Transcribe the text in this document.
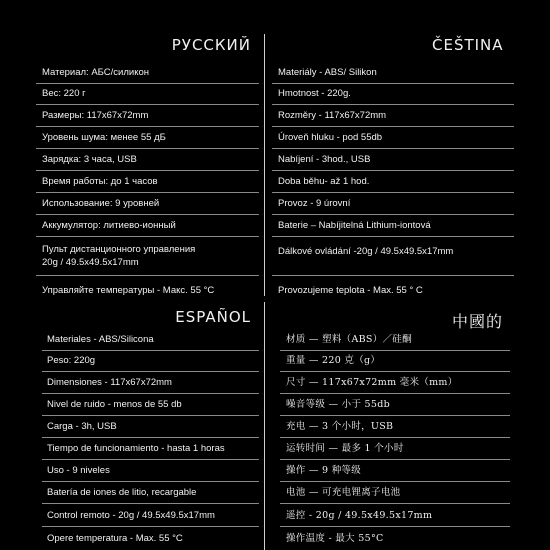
РУССКИЙ	ČEŠTINA
ESPAÑOL	中國的
Материал: АБС/силикон
Вес: 220 г
Размеры: 117x67x72mm
Уровень шума: менее 55 дБ
Зарядка: 3 часа, USB
Время работы: до 1 часов
Использование: 9 уровней
Аккумулятор: литиево-ионный
Пульт дистанционного управления
20g / 49.5x49.5x17mm
Управляйте температуры - Макс. 55 °C
Materiály - ABS/ Silikon
Hmotnost - 220g.
Rozměry - 117x67x72mm
Úroveň hluku - pod 55db
Nabíjení - 3hod., USB
Doba běhu- až 1 hod.
Provoz - 9 úrovní
Baterie – Nabíjitelná Lithium-iontová
Dálkové ovládání -20g / 49.5x49.5x17mm
Provozujeme teplota - Max. 55 ° C
Materiales - ABS/Silicona
Peso: 220g
Dimensiones - 117x67x72mm
Nivel de ruido - menos de 55 db
Carga - 3h, USB
Tiempo de funcionamiento - hasta 1 horas
Uso - 9 niveles
Batería de iones de litio, recargable
Control remoto - 20g / 49.5x49.5x17mm
Opere temperatura - Max. 55 °C
材质 — 塑料（ABS）／硅酮
重量 — 220 克（g）
尺寸 — 117x67x72mm 毫米（mm）
噪音等级 — 小于 55db
充电 — 3 个小时，USB
运转时间 — 最多 1 个小时
操作 — 9 种等级
电池 — 可充电锂离子电池
遥控 - 20g / 49.5x49.5x17mm
操作温度 - 最大 55°C
